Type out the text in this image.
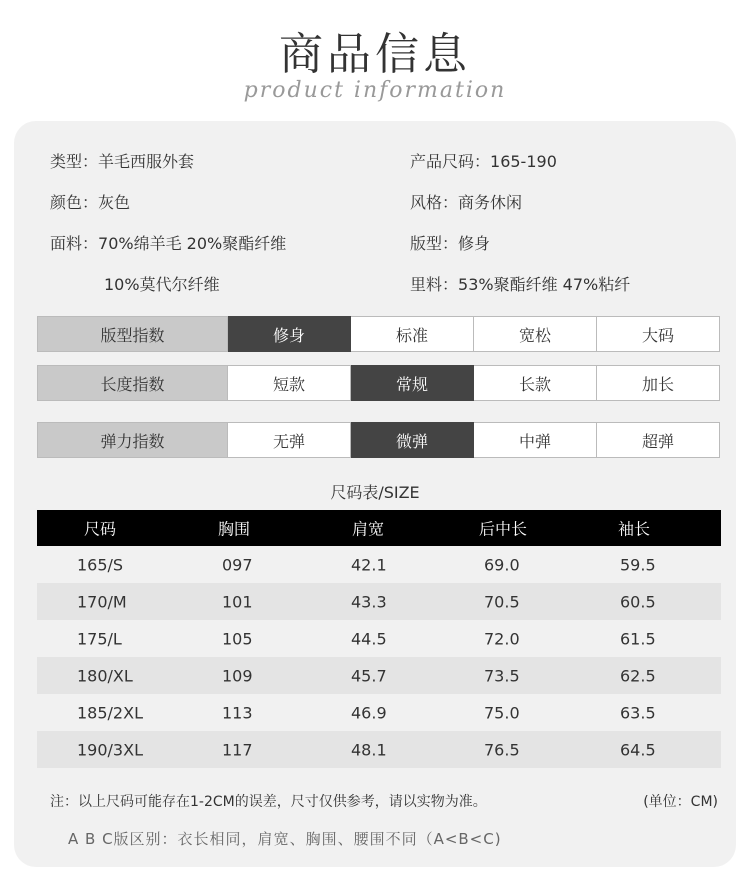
商品信息
product information
类型：羊毛西服外套
颜色：灰色
面料：70%绵羊毛 20%聚酯纤维
10%莫代尔纤维
产品尺码：165-190
风格：商务休闲
版型：修身
里料：53%聚酯纤维 47%粘纤
版型指数	修身	标准	宽松	大码
长度指数	短款	常规	长款	加长
弹力指数	无弹	微弹	中弹	超弹
尺码表/SIZE
尺码	胸围	肩宽	后中长	袖长
165/S	097	42.1	69.0	59.5
170/M	101	43.3	70.5	60.5
175/L	105	44.5	72.0	61.5
180/XL	109	45.7	73.5	62.5
185/2XL	113	46.9	75.0	63.5
190/3XL	117	48.1	76.5	64.5
注：以上尺码可能存在1-2CM的误差，尺寸仅供参考，请以实物为准。	(单位：CM)
A B C版区别：衣长相同，肩宽、胸围、腰围不同（A<B<C)
